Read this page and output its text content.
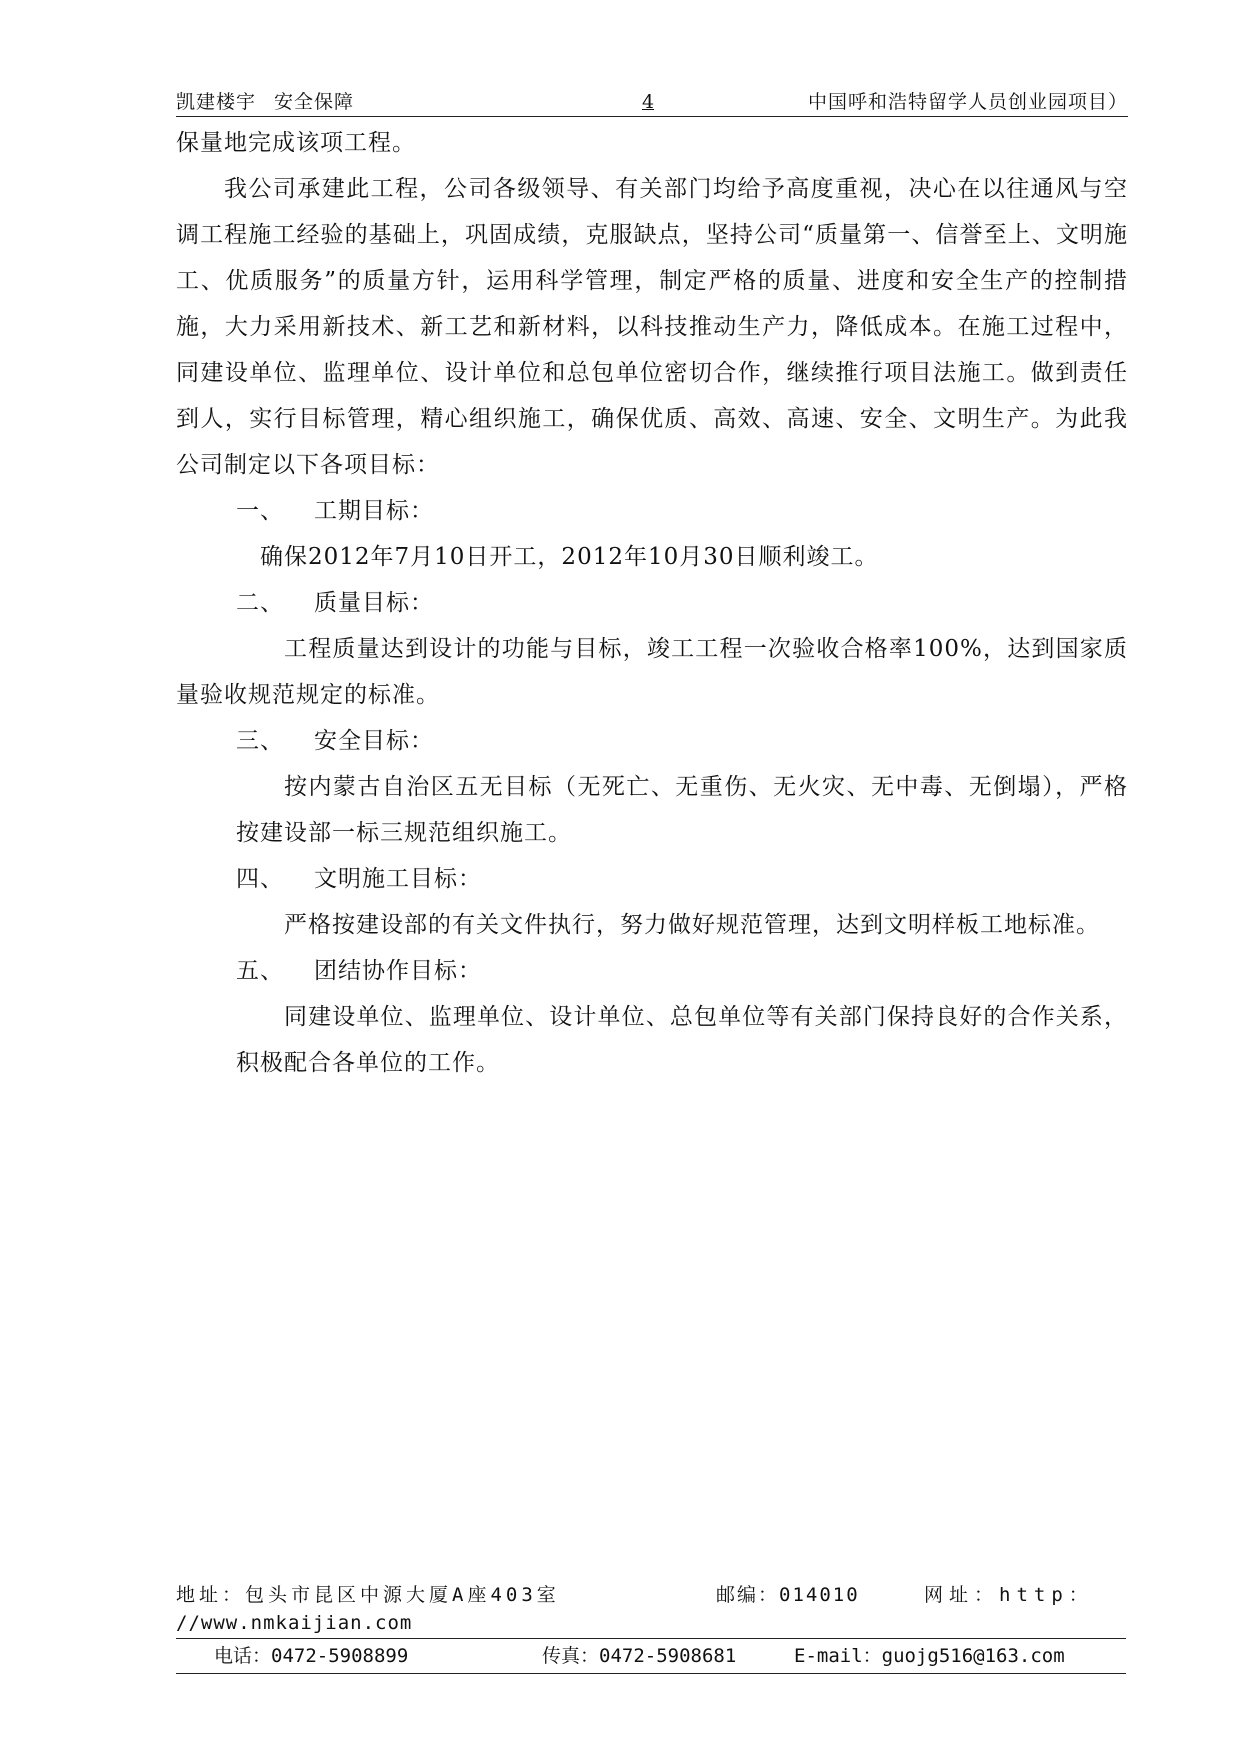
凯建楼宇 安全保障	4	中国呼和浩特留学人员创业园项目）

保量地完成该项工程。

我公司承建此工程，公司各级领导、有关部门均给予高度重视，决心在以往通风与空调工程施工经验的基础上，巩固成绩，克服缺点，坚持公司“质量第一、信誉至上、文明施工、优质服务”的质量方针，运用科学管理，制定严格的质量、进度和安全生产的控制措施，大力采用新技术、新工艺和新材料，以科技推动生产力，降低成本。在施工过程中，同建设单位、监理单位、设计单位和总包单位密切合作，继续推行项目法施工。做到责任到人，实行目标管理，精心组织施工，确保优质、高效、高速、安全、文明生产。为此我公司制定以下各项目标：

一、 工期目标：

确保2012年7月10日开工，2012年10月30日顺利竣工。

二、 质量目标：

工程质量达到设计的功能与目标，竣工工程一次验收合格率100%，达到国家质量验收规范规定的标准。

三、 安全目标：

按内蒙古自治区五无目标（无死亡、无重伤、无火灾、无中毒、无倒塌），严格按建设部一标三规范组织施工。

四、 文明施工目标：

严格按建设部的有关文件执行，努力做好规范管理，达到文明样板工地标准。

五、 团结协作目标：

同建设单位、监理单位、设计单位、总包单位等有关部门保持良好的合作关系，积极配合各单位的工作。

地址：包头市昆区中源大厦A座403室	邮编：014010	网址：http：
//www.nmkaijian.com
电话：0472-5908899	传真：0472-5908681	E-mail：guojg516@163.com
